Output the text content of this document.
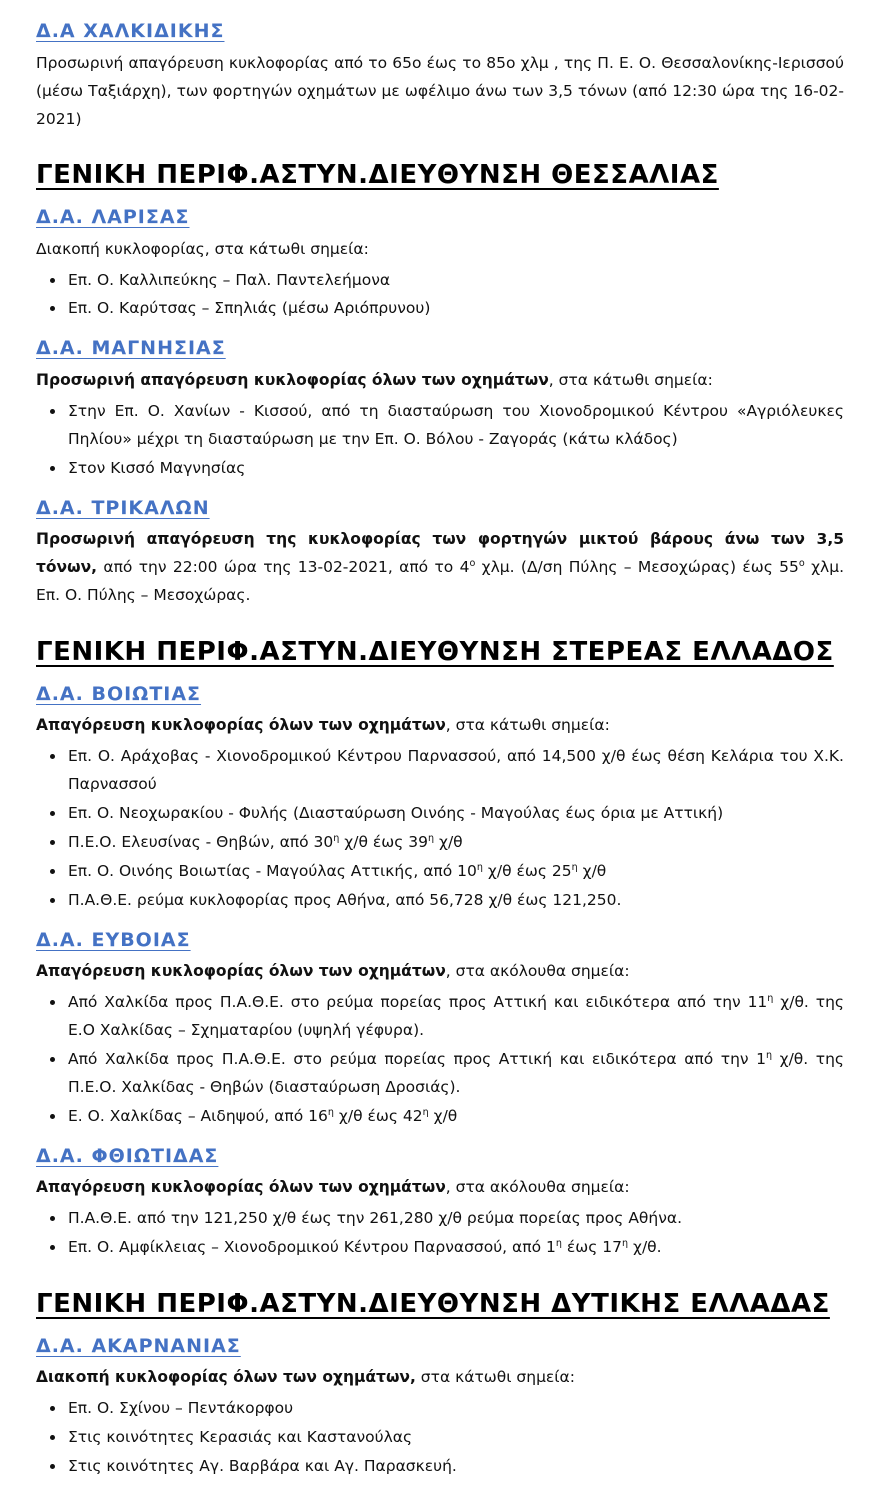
Δ.Α ΧΑΛΚΙΔΙΚΗΣ
Προσωρινή απαγόρευση κυκλοφορίας από το 65ο έως το 85ο χλμ , της Π. Ε. Ο. Θεσσαλονίκης-Ιερισσού (μέσω Ταξιάρχη), των φορτηγών οχημάτων με ωφέλιμο άνω των 3,5 τόνων (από 12:30 ώρα της 16-02-2021)
ΓΕΝΙΚΗ ΠΕΡΙΦ.ΑΣΤΥΝ.ΔΙΕΥΘΥΝΣΗ ΘΕΣΣΑΛΙΑΣ
Δ.Α. ΛΑΡΙΣΑΣ
Διακοπή κυκλοφορίας, στα κάτωθι σημεία:
• Επ. Ο. Καλλιπεύκης – Παλ. Παντελεήμονα
• Επ. Ο. Καρύτσας – Σπηλιάς (μέσω Αριόπρυνου)
Δ.Α. ΜΑΓΝΗΣΙΑΣ
Προσωρινή απαγόρευση κυκλοφορίας όλων των οχημάτων, στα κάτωθι σημεία:
• Στην Επ. Ο. Χανίων - Κισσού, από τη διασταύρωση του Χιονοδρομικού Κέντρου «Αγριόλευκες Πηλίου» μέχρι τη διασταύρωση με την Επ. Ο. Βόλου - Ζαγοράς (κάτω κλάδος)
• Στον Κισσό Μαγνησίας
Δ.Α. ΤΡΙΚΑΛΩΝ
Προσωρινή απαγόρευση της κυκλοφορίας των φορτηγών μικτού βάρους άνω των 3,5 τόνων, από την 22:00 ώρα της 13-02-2021, από το $4^o$ χλμ. (Δ/ση Πύλης – Μεσοχώρας) έως $55^o$ χλμ. Επ. Ο. Πύλης – Μεσοχώρας.
ΓΕΝΙΚΗ ΠΕΡΙΦ.ΑΣΤΥΝ.ΔΙΕΥΘΥΝΣΗ ΣΤΕΡΕΑΣ ΕΛΛΑΔΟΣ
Δ.Α. ΒΟΙΩΤΙΑΣ
Απαγόρευση κυκλοφορίας όλων των οχημάτων, στα κάτωθι σημεία:
• Επ. Ο. Αράχοβας - Χιονοδρομικού Κέντρου Παρνασσού, από 14,500 χ/θ έως θέση Κελάρια του Χ.Κ. Παρνασσού
• Επ. Ο. Νεοχωρακίου - Φυλής (Διασταύρωση Οινόης - Μαγούλας έως όρια με Αττική)
• Π.Ε.Ο. Ελευσίνας - Θηβών, από $30^\eta$ χ/θ έως $39^\eta$ χ/θ
• Επ. Ο. Οινόης Βοιωτίας - Μαγούλας Αττικής, από $10^\eta$ χ/θ έως $25^\eta$ χ/θ
• Π.Α.Θ.Ε. ρεύμα κυκλοφορίας προς Αθήνα, από 56,728 χ/θ έως 121,250.
Δ.Α. ΕΥΒΟΙΑΣ
Απαγόρευση κυκλοφορίας όλων των οχημάτων, στα ακόλουθα σημεία:
• Από Χαλκίδα προς Π.Α.Θ.Ε. στο ρεύμα πορείας προς Αττική και ειδικότερα από την $11^\eta$ χ/θ. της Ε.Ο Χαλκίδας – Σχηματαρίου (υψηλή γέφυρα).
• Από Χαλκίδα προς Π.Α.Θ.Ε. στο ρεύμα πορείας προς Αττική και ειδικότερα από την $1^\eta$ χ/θ. της Π.Ε.Ο. Χαλκίδας - Θηβών (διασταύρωση Δροσιάς).
• Ε. Ο. Χαλκίδας – Αιδηψού, από $16^\eta$ χ/θ έως $42^\eta$ χ/θ
Δ.Α. ΦΘΙΩΤΙΔΑΣ
Απαγόρευση κυκλοφορίας όλων των οχημάτων, στα ακόλουθα σημεία:
• Π.Α.Θ.Ε. από την 121,250 χ/θ έως την 261,280 χ/θ ρεύμα πορείας προς Αθήνα.
• Επ. Ο. Αμφίκλειας – Χιονοδρομικού Κέντρου Παρνασσού, από $1^\eta$ έως $17^\eta$ χ/θ.
ΓΕΝΙΚΗ ΠΕΡΙΦ.ΑΣΤΥΝ.ΔΙΕΥΘΥΝΣΗ ΔΥΤΙΚΗΣ ΕΛΛΑΔΑΣ
Δ.Α. ΑΚΑΡΝΑΝΙΑΣ
Διακοπή κυκλοφορίας όλων των οχημάτων, στα κάτωθι σημεία:
• Επ. Ο. Σχίνου – Πεντάκορφου
• Στις κοινότητες Κερασιάς και Καστανούλας
• Στις κοινότητες Αγ. Βαρβάρα και Αγ. Παρασκευή.
